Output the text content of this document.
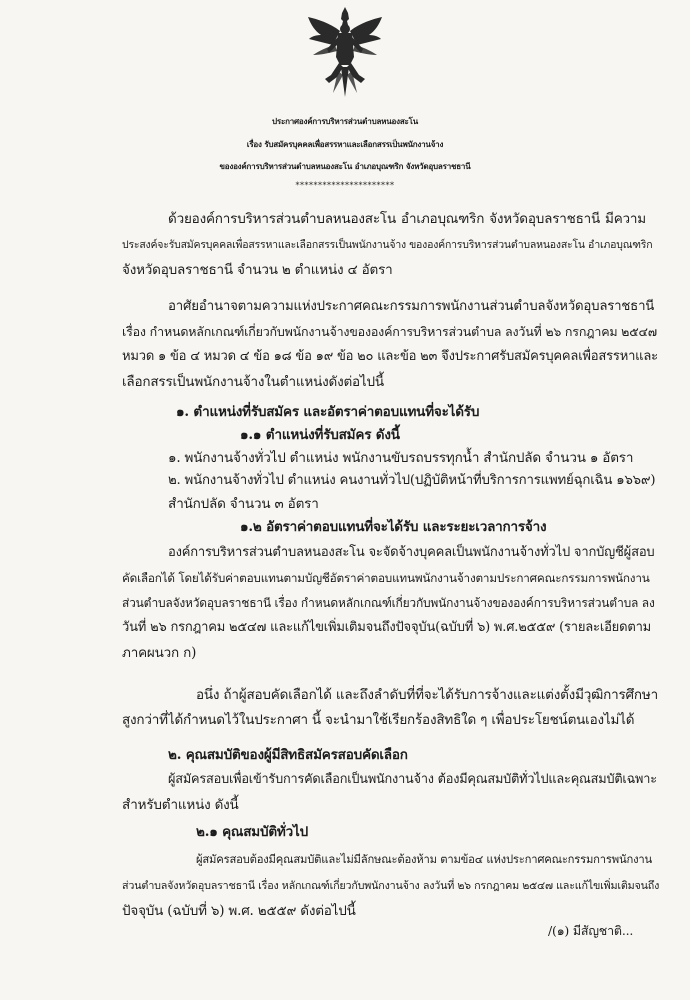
ประกาศองค์การบริหารส่วนตำบลหนองสะโน
เรื่อง รับสมัครบุคคลเพื่อสรรหาและเลือกสรรเป็นพนักงานจ้าง
ขององค์การบริหารส่วนตำบลหนองสะโน อำเภอบุณฑริก จังหวัดอุบลราชธานี
**********************
ด้วยองค์การบริหารส่วนตำบลหนองสะโน อำเภอบุณฑริก จังหวัดอุบลราชธานี มีความ
ประสงค์จะรับสมัครบุคคลเพื่อสรรหาและเลือกสรรเป็นพนักงานจ้าง ขององค์การบริหารส่วนตำบลหนองสะโน อำเภอบุณฑริก
จังหวัดอุบลราชธานี จำนวน ๒ ตำแหน่ง ๔ อัตรา
อาศัยอำนาจตามความแห่งประกาศคณะกรรมการพนักงานส่วนตำบลจังหวัดอุบลราชธานี
เรื่อง กำหนดหลักเกณฑ์เกี่ยวกับพนักงานจ้างขององค์การบริหารส่วนตำบล ลงวันที่ ๒๖ กรกฎาคม ๒๕๔๗
หมวด ๑ ข้อ ๔ หมวด ๔ ข้อ ๑๘ ข้อ ๑๙ ข้อ ๒๐ และข้อ ๒๓ จึงประกาศรับสมัครบุคคลเพื่อสรรหาและ
เลือกสรรเป็นพนักงานจ้างในตำแหน่งดังต่อไปนี้
๑. ตำแหน่งที่รับสมัคร และอัตราค่าตอบแทนที่จะได้รับ
๑.๑ ตำแหน่งที่รับสมัคร ดังนี้
๑. พนักงานจ้างทั่วไป ตำแหน่ง พนักงานขับรถบรรทุกน้ำ สำนักปลัด จำนวน ๑ อัตรา
๒. พนักงานจ้างทั่วไป ตำแหน่ง คนงานทั่วไป(ปฏิบัติหน้าที่บริการการแพทย์ฉุกเฉิน ๑๖๖๙)
สำนักปลัด จำนวน ๓ อัตรา
๑.๒ อัตราค่าตอบแทนที่จะได้รับ และระยะเวลาการจ้าง
องค์การบริหารส่วนตำบลหนองสะโน จะจัดจ้างบุคคลเป็นพนักงานจ้างทั่วไป จากบัญชีผู้สอบ
คัดเลือกได้ โดยได้รับค่าตอบแทนตามบัญชีอัตราค่าตอบแทนพนักงานจ้างตามประกาศคณะกรรมการพนักงาน
ส่วนตำบลจังหวัดอุบลราชธานี เรื่อง กำหนดหลักเกณฑ์เกี่ยวกับพนักงานจ้างขององค์การบริหารส่วนตำบล ลง
วันที่ ๒๖ กรกฎาคม ๒๕๔๗ และแก้ไขเพิ่มเติมจนถึงปัจจุบัน(ฉบับที่ ๖) พ.ศ.๒๕๕๙ (รายละเอียดตาม
ภาคผนวก ก)
อนึ่ง ถ้าผู้สอบคัดเลือกได้ และถึงลำดับที่ที่จะได้รับการจ้างและแต่งตั้งมีวุฒิการศึกษา
สูงกว่าที่ได้กำหนดไว้ในประกาศา นี้ จะนำมาใช้เรียกร้องสิทธิใด ๆ เพื่อประโยชน์ตนเองไม่ได้
๒. คุณสมบัติของผู้มีสิทธิสมัครสอบคัดเลือก
ผู้สมัครสอบเพื่อเข้ารับการคัดเลือกเป็นพนักงานจ้าง ต้องมีคุณสมบัติทั่วไปและคุณสมบัติเฉพาะ
สำหรับตำแหน่ง ดังนี้
๒.๑ คุณสมบัติทั่วไป
ผู้สมัครสอบต้องมีคุณสมบัติและไม่มีลักษณะต้องห้าม ตามข้อ๔ แห่งประกาศคณะกรรมการพนักงาน
ส่วนตำบลจังหวัดอุบลราชธานี เรื่อง หลักเกณฑ์เกี่ยวกับพนักงานจ้าง ลงวันที่ ๒๖ กรกฎาคม ๒๕๔๗ และแก้ไขเพิ่มเติมจนถึง
ปัจจุบัน (ฉบับที่ ๖) พ.ศ. ๒๕๕๙ ดังต่อไปนี้
/(๑) มีสัญชาติ...
